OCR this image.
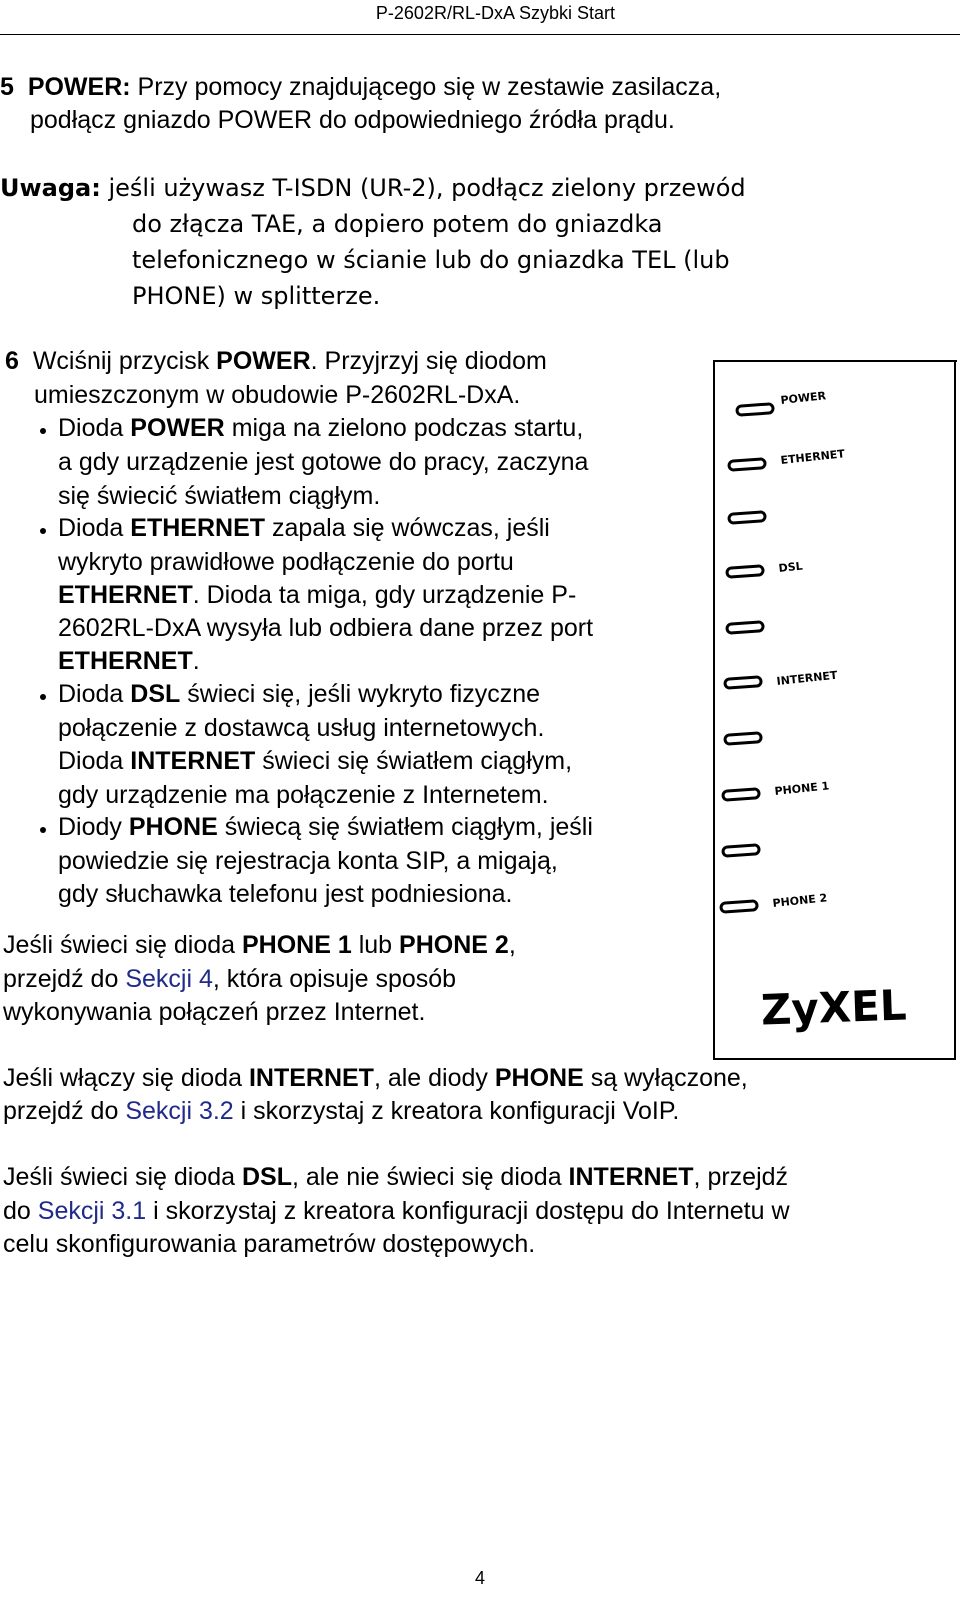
P-2602R/RL-DxA Szybki Start
5 POWER: Przy pomocy znajdującego się w zestawie zasilacza,
podłącz gniazdo POWER do odpowiedniego źródła prądu.
Uwaga: jeśli używasz T-ISDN (UR-2), podłącz zielony przewód
do złącza TAE, a dopiero potem do gniazdka
telefonicznego w ścianie lub do gniazdka TEL (lub
PHONE) w splitterze.
6 Wciśnij przycisk POWER. Przyjrzyj się diodom
umieszczonym w obudowie P-2602RL-DxA.
Dioda POWER miga na zielono podczas startu,
a gdy urządzenie jest gotowe do pracy, zaczyna
się świecić światłem ciągłym.
Dioda ETHERNET zapala się wówczas, jeśli
wykryto prawidłowe podłączenie do portu
ETHERNET. Dioda ta miga, gdy urządzenie P-
2602RL-DxA wysyła lub odbiera dane przez port
ETHERNET.
Dioda DSL świeci się, jeśli wykryto fizyczne
połączenie z dostawcą usług internetowych.
Dioda INTERNET świeci się światłem ciągłym,
gdy urządzenie ma połączenie z Internetem.
Diody PHONE świecą się światłem ciągłym, jeśli
powiedzie się rejestracja konta SIP, a migają,
gdy słuchawka telefonu jest podniesiona.
Jeśli świeci się dioda PHONE 1 lub PHONE 2,
przejdź do Sekcji 4, która opisuje sposób
wykonywania połączeń przez Internet.
Jeśli włączy się dioda INTERNET, ale diody PHONE są wyłączone,
przejdź do Sekcji 3.2 i skorzystaj z kreatora konfiguracji VoIP.
Jeśli świeci się dioda DSL, ale nie świeci się dioda INTERNET, przejdź
do Sekcji 3.1 i skorzystaj z kreatora konfiguracji dostępu do Internetu w
celu skonfigurowania parametrów dostępowych.
POWER
ETHERNET
DSL
INTERNET
PHONE 1
PHONE 2
ZyXEL
4
